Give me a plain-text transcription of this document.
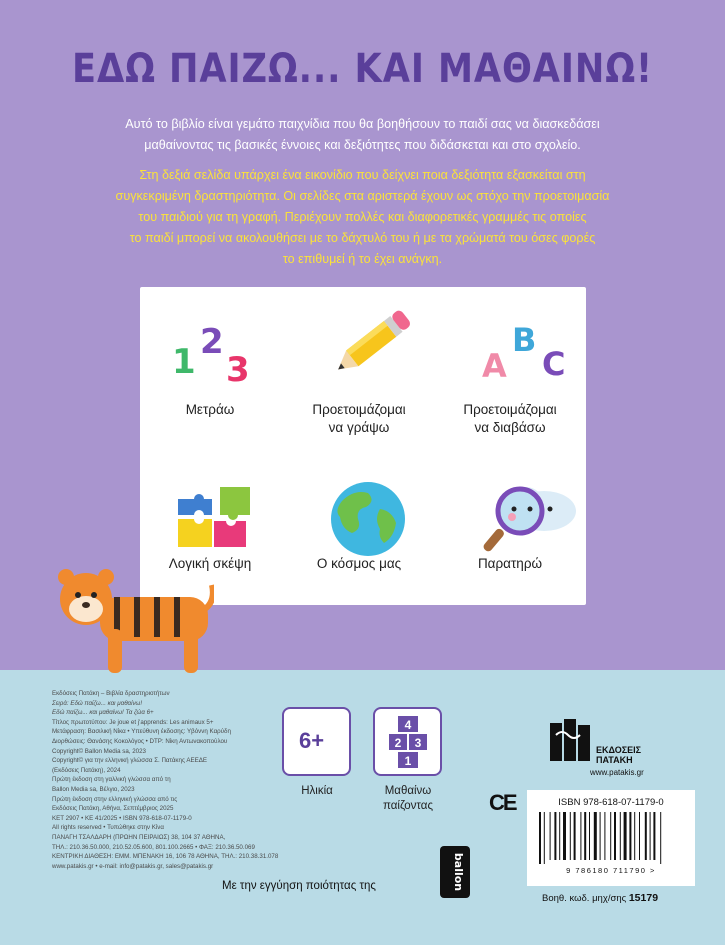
ΕΔΩ ΠΑΙΖΩ... ΚΑΙ ΜΑΘΑΙΝΩ!
Αυτό το βιβλίο είναι γεμάτο παιχνίδια που θα βοηθήσουν το παιδί σας να διασκεδάσει
μαθαίνοντας τις βασικές έννοιες και δεξιότητες που διδάσκεται και στο σχολείο.
Στη δεξιά σελίδα υπάρχει ένα εικονίδιο που δείχνει ποια δεξιότητα εξασκείται στη
συγκεκριμένη δραστηριότητα. Οι σελίδες στα αριστερά έχουν ως στόχο την προετοιμασία
του παιδιού για τη γραφή. Περιέχουν πολλές και διαφορετικές γραμμές τις οποίες
το παιδί μπορεί να ακολουθήσει με το δάχτυλό του ή με τα χρώματά του όσες φορές
το επιθυμεί ή το έχει ανάγκη.
1 2
3
Μετράω	Προετοιμάζομαι
να γράψω
A
B
C
Προετοιμάζομαι
να διαβάσω
Λογική σκέψη	Ο κόσμος μας	Παρατηρώ
Εκδόσεις Πατάκη – Βιβλία δραστηριοτήτων
Σειρά: Εδώ παίζω... και μαθαίνω!
Εδώ παίζω... και μαθαίνω! Τα ζώα 6+
Τίτλος πρωτοτύπου: Je joue et j'apprends: Les animaux 5+
Μετάφραση: Βασιλική Νίκα • Υπεύθυνη έκδοσης: Υβόννη Καρύδη
Διορθώσεις: Θανάσης Κοκολόγος • DTP: Νίκη Αντωνακοπούλου
Copyright© Ballon Media sa, 2023
Copyright© για την ελληνική γλώσσα Σ. Πατάκης ΑΕΕΔΕ
(Εκδόσεις Πατάκη), 2024
Πρώτη έκδοση στη γαλλική γλώσσα από τη
Ballon Media sa, Βέλγιο, 2023
Πρώτη έκδοση στην ελληνική γλώσσα από τις
Εκδόσεις Πατάκη, Αθήνα, Σεπτέμβριος 2025
ΚΕΤ 2907 • ΚΕ 41/2025 • ISBN 978-618-07-1179-0
All rights reserved • Τυπώθηκε στην Κίνα
ΠΑΝΑΓΗ ΤΣΑΛΔΑΡΗ (ΠΡΩΗΝ ΠΕΙΡΑΙΩΣ) 38, 104 37 ΑΘΗΝΑ,
ΤΗΛ.: 210.36.50.000, 210.52.05.600, 801.100.2665 • ΦΑΞ: 210.36.50.069
ΚΕΝΤΡΙΚΗ ΔΙΑΘΕΣΗ: ΕΜΜ. ΜΠΕΝΑΚΗ 16, 106 78 ΑΘΗΝΑ, ΤΗΛ.: 210.38.31.078
www.patakis.gr • e-mail: info@patakis.gr, sales@patakis.gr
6+
Ηλικία
4
2 3
1
Μαθαίνω
παίζοντας	CE
ΕΚΔΟΣΕΙΣ
ΠΑΤΑΚΗ
www.patakis.gr
ISBN 978-618-07-1179-0
9 786180 711790 >
Βοηθ. κωδ. μηχ/σης 15179
Με την εγγύηση ποιότητας της	ballon
